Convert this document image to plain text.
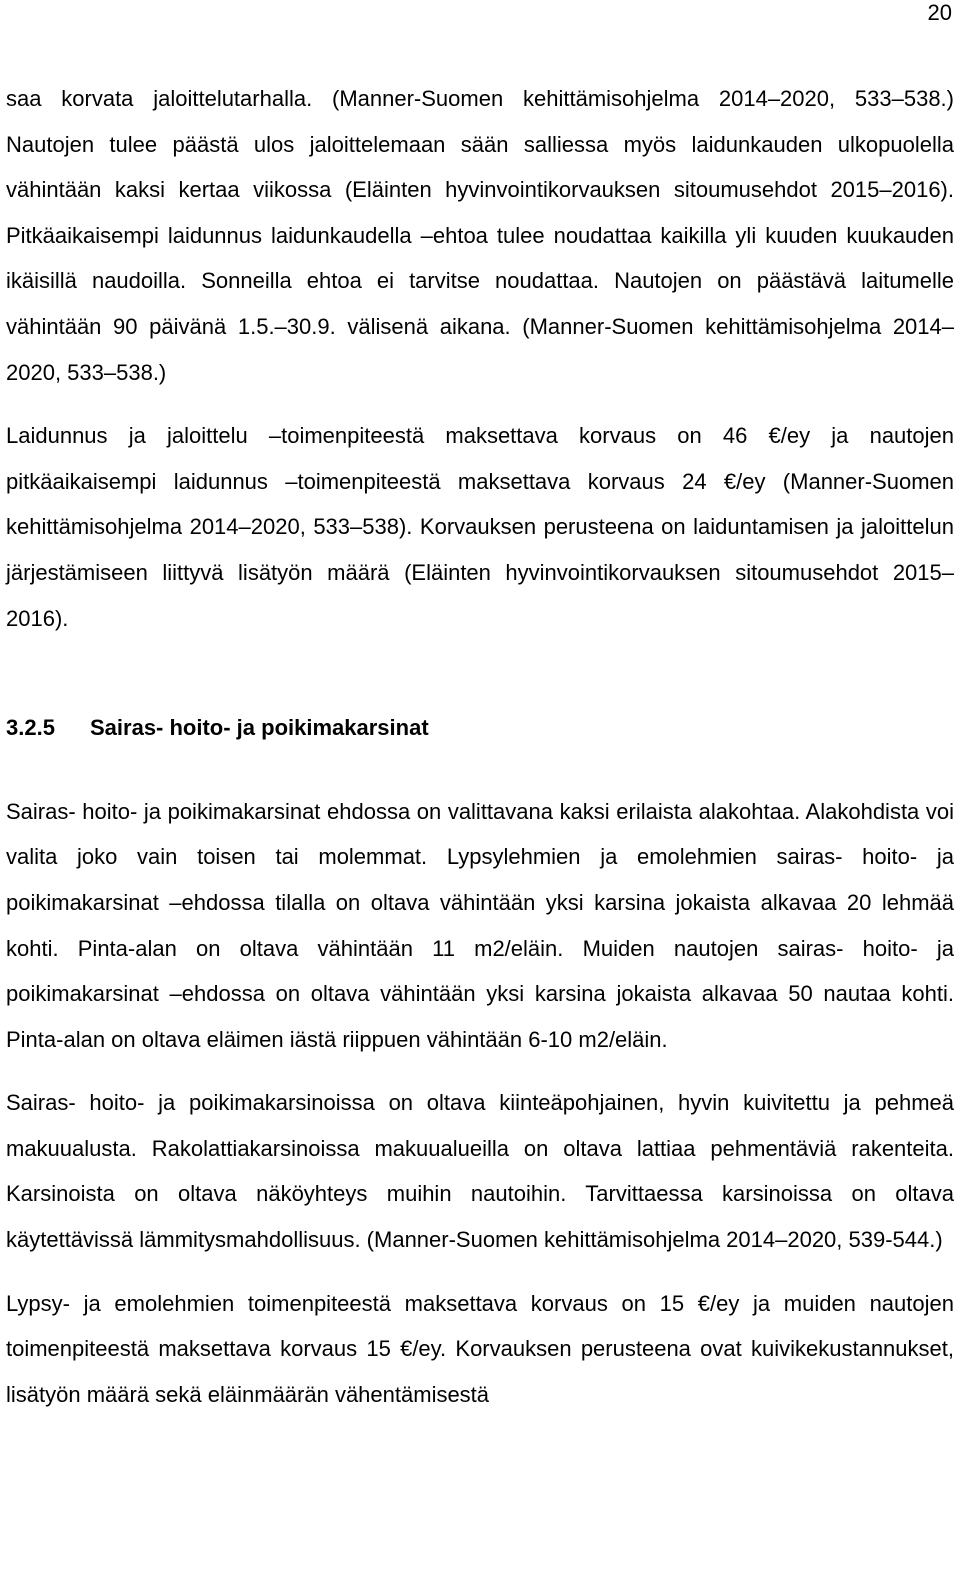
20

saa korvata jaloittelutarhalla. (Manner-Suomen kehittämisohjelma 2014–2020, 533–538.) Nautojen tulee päästä ulos jaloittelemaan sään salliessa myös laidunkauden ulkopuolella vähintään kaksi kertaa viikossa (Eläinten hyvinvointikorvauksen sitoumusehdot 2015–2016). Pitkäaikaisempi laidunnus laidunkaudella –ehtoa tulee noudattaa kaikilla yli kuuden kuukauden ikäisillä naudoilla. Sonneilla ehtoa ei tarvitse noudattaa. Nautojen on päästävä laitumelle vähintään 90 päivänä 1.5.–30.9. välisenä aikana. (Manner-Suomen kehittämisohjelma 2014–2020, 533–538.)

Laidunnus ja jaloittelu –toimenpiteestä maksettava korvaus on 46 €/ey ja nautojen pitkäaikaisempi laidunnus –toimenpiteestä maksettava korvaus 24 €/ey (Manner-Suomen kehittämisohjelma 2014–2020, 533–538). Korvauksen perusteena on laiduntamisen ja jaloittelun järjestämiseen liittyvä lisätyön määrä (Eläinten hyvinvointikorvauksen sitoumusehdot 2015–2016).

3.2.5 Sairas- hoito- ja poikimakarsinat

Sairas- hoito- ja poikimakarsinat ehdossa on valittavana kaksi erilaista alakohtaa. Alakohdista voi valita joko vain toisen tai molemmat. Lypsylehmien ja emolehmien sairas- hoito- ja poikimakarsinat –ehdossa tilalla on oltava vähintään yksi karsina jokaista alkavaa 20 lehmää kohti. Pinta-alan on oltava vähintään 11 m2/eläin. Muiden nautojen sairas- hoito- ja poikimakarsinat –ehdossa on oltava vähintään yksi karsina jokaista alkavaa 50 nautaa kohti. Pinta-alan on oltava eläimen iästä riippuen vähintään 6-10 m2/eläin.

Sairas- hoito- ja poikimakarsinoissa on oltava kiinteäpohjainen, hyvin kuivitettu ja pehmeä makuualusta. Rakolattiakarsinoissa makuualueilla on oltava lattiaa pehmentäviä rakenteita. Karsinoista on oltava näköyhteys muihin nautoihin. Tarvittaessa karsinoissa on oltava käytettävissä lämmitysmahdollisuus. (Manner-Suomen kehittämisohjelma 2014–2020, 539-544.)

Lypsy- ja emolehmien toimenpiteestä maksettava korvaus on 15 €/ey ja muiden nautojen toimenpiteestä maksettava korvaus 15 €/ey. Korvauksen perusteena ovat kuivikekustannukset, lisätyön määrä sekä eläinmäärän vähentämisestä
